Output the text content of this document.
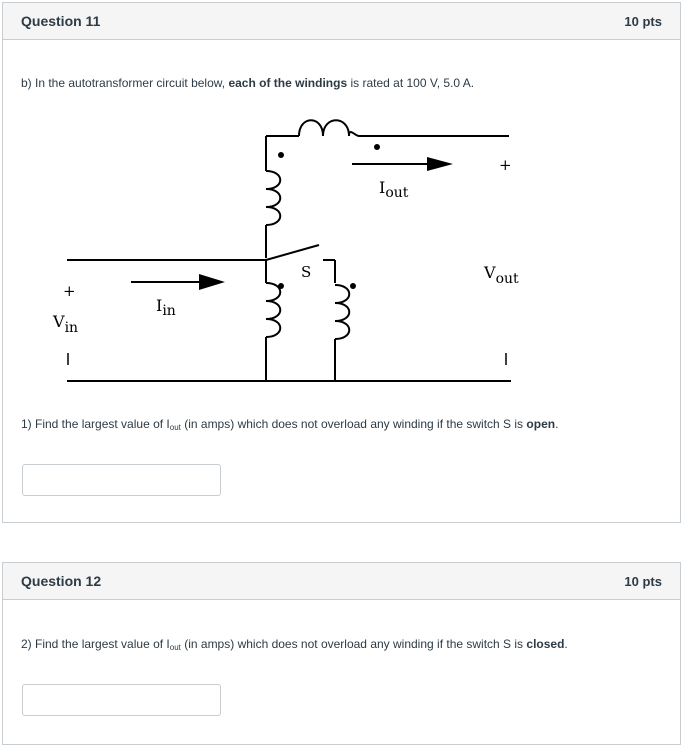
Question 11	10 pts
b) In the autotransformer circuit below, each of the windings is rated at 100 V, 5.0 A.
Iout
Iin
Vin
Vout
S
+
+
1) Find the largest value of $I_{out}$ (in amps) which does not overload any winding if the switch S is open.
Question 12	10 pts
2) Find the largest value of $I_{out}$ (in amps) which does not overload any winding if the switch S is closed.
